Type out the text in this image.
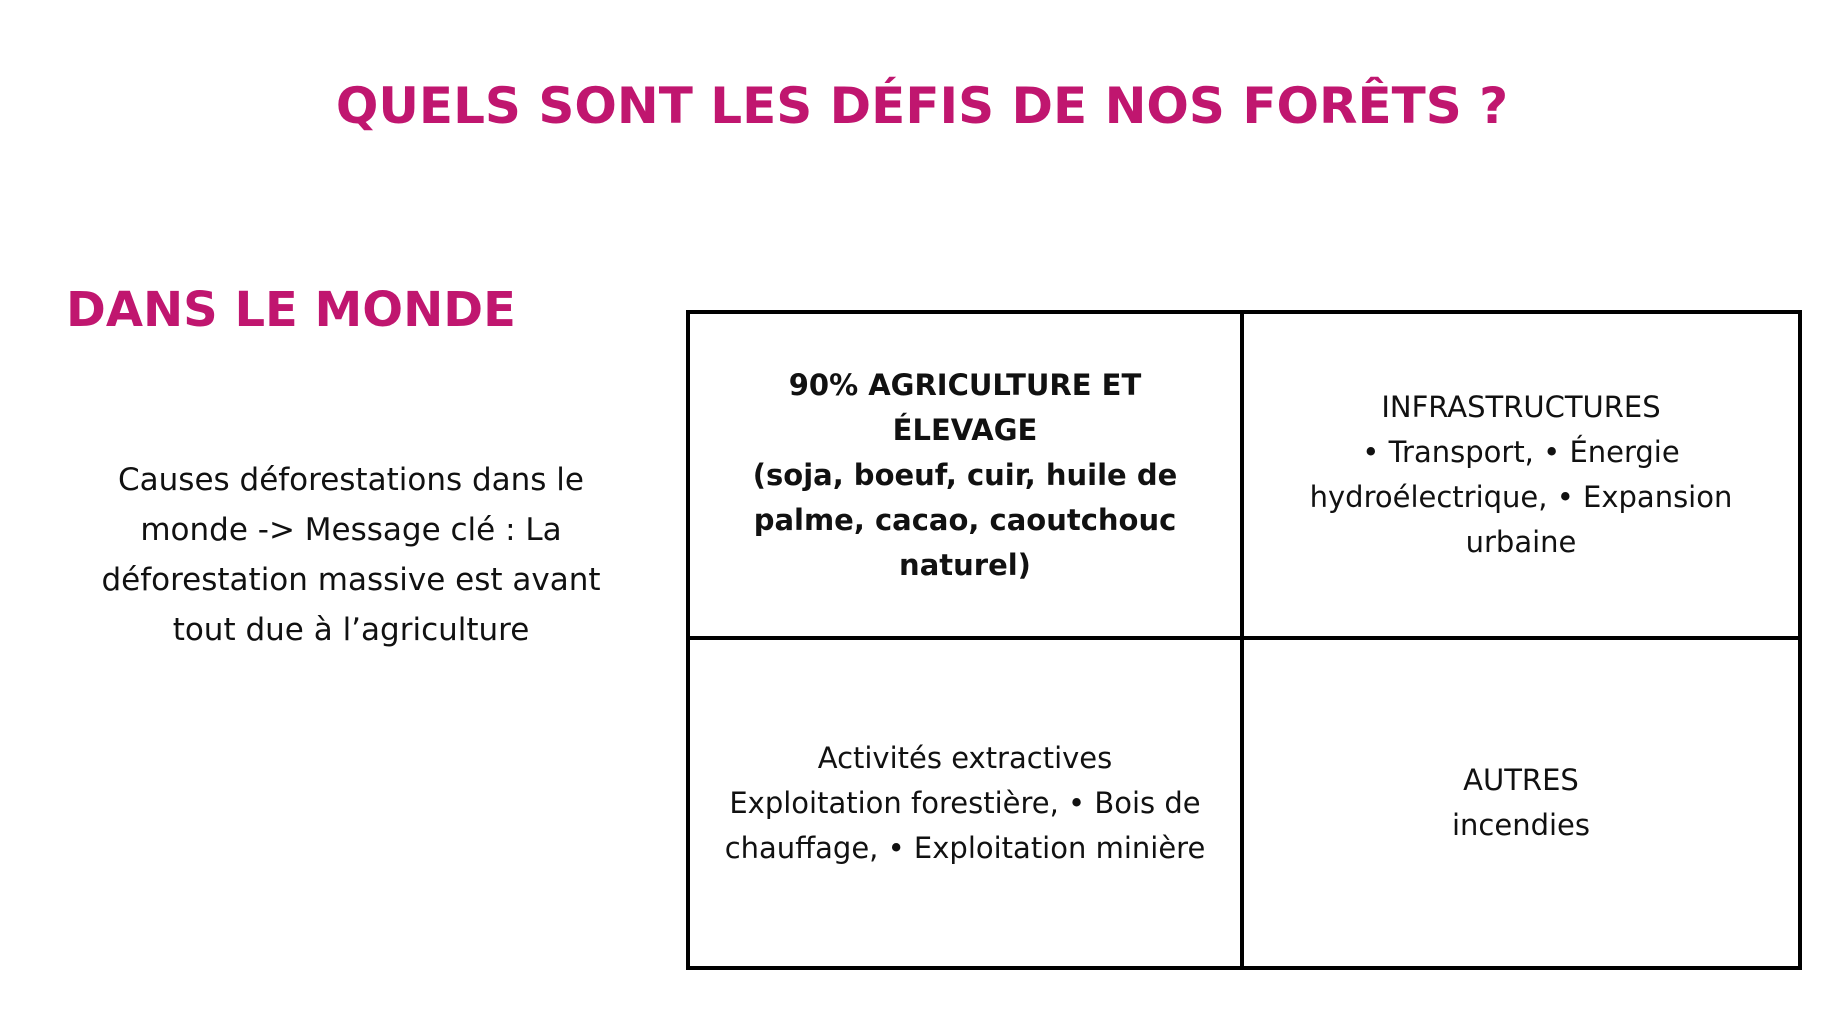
QUELS SONT LES DÉFIS DE NOS FORÊTS ?
DANS LE MONDE

Causes déforestations dans le monde -> Message clé : La déforestation massive est avant tout due à l’agriculture

90% AGRICULTURE ET ÉLEVAGE
(soja, boeuf, cuir, huile de palme, cacao, caoutchouc naturel)
INFRASTRUCTURES
• Transport, • Énergie hydroélectrique, • Expansion urbaine
Activités extractives
Exploitation forestière, • Bois de chauffage, • Exploitation minière
AUTRES
incendies
